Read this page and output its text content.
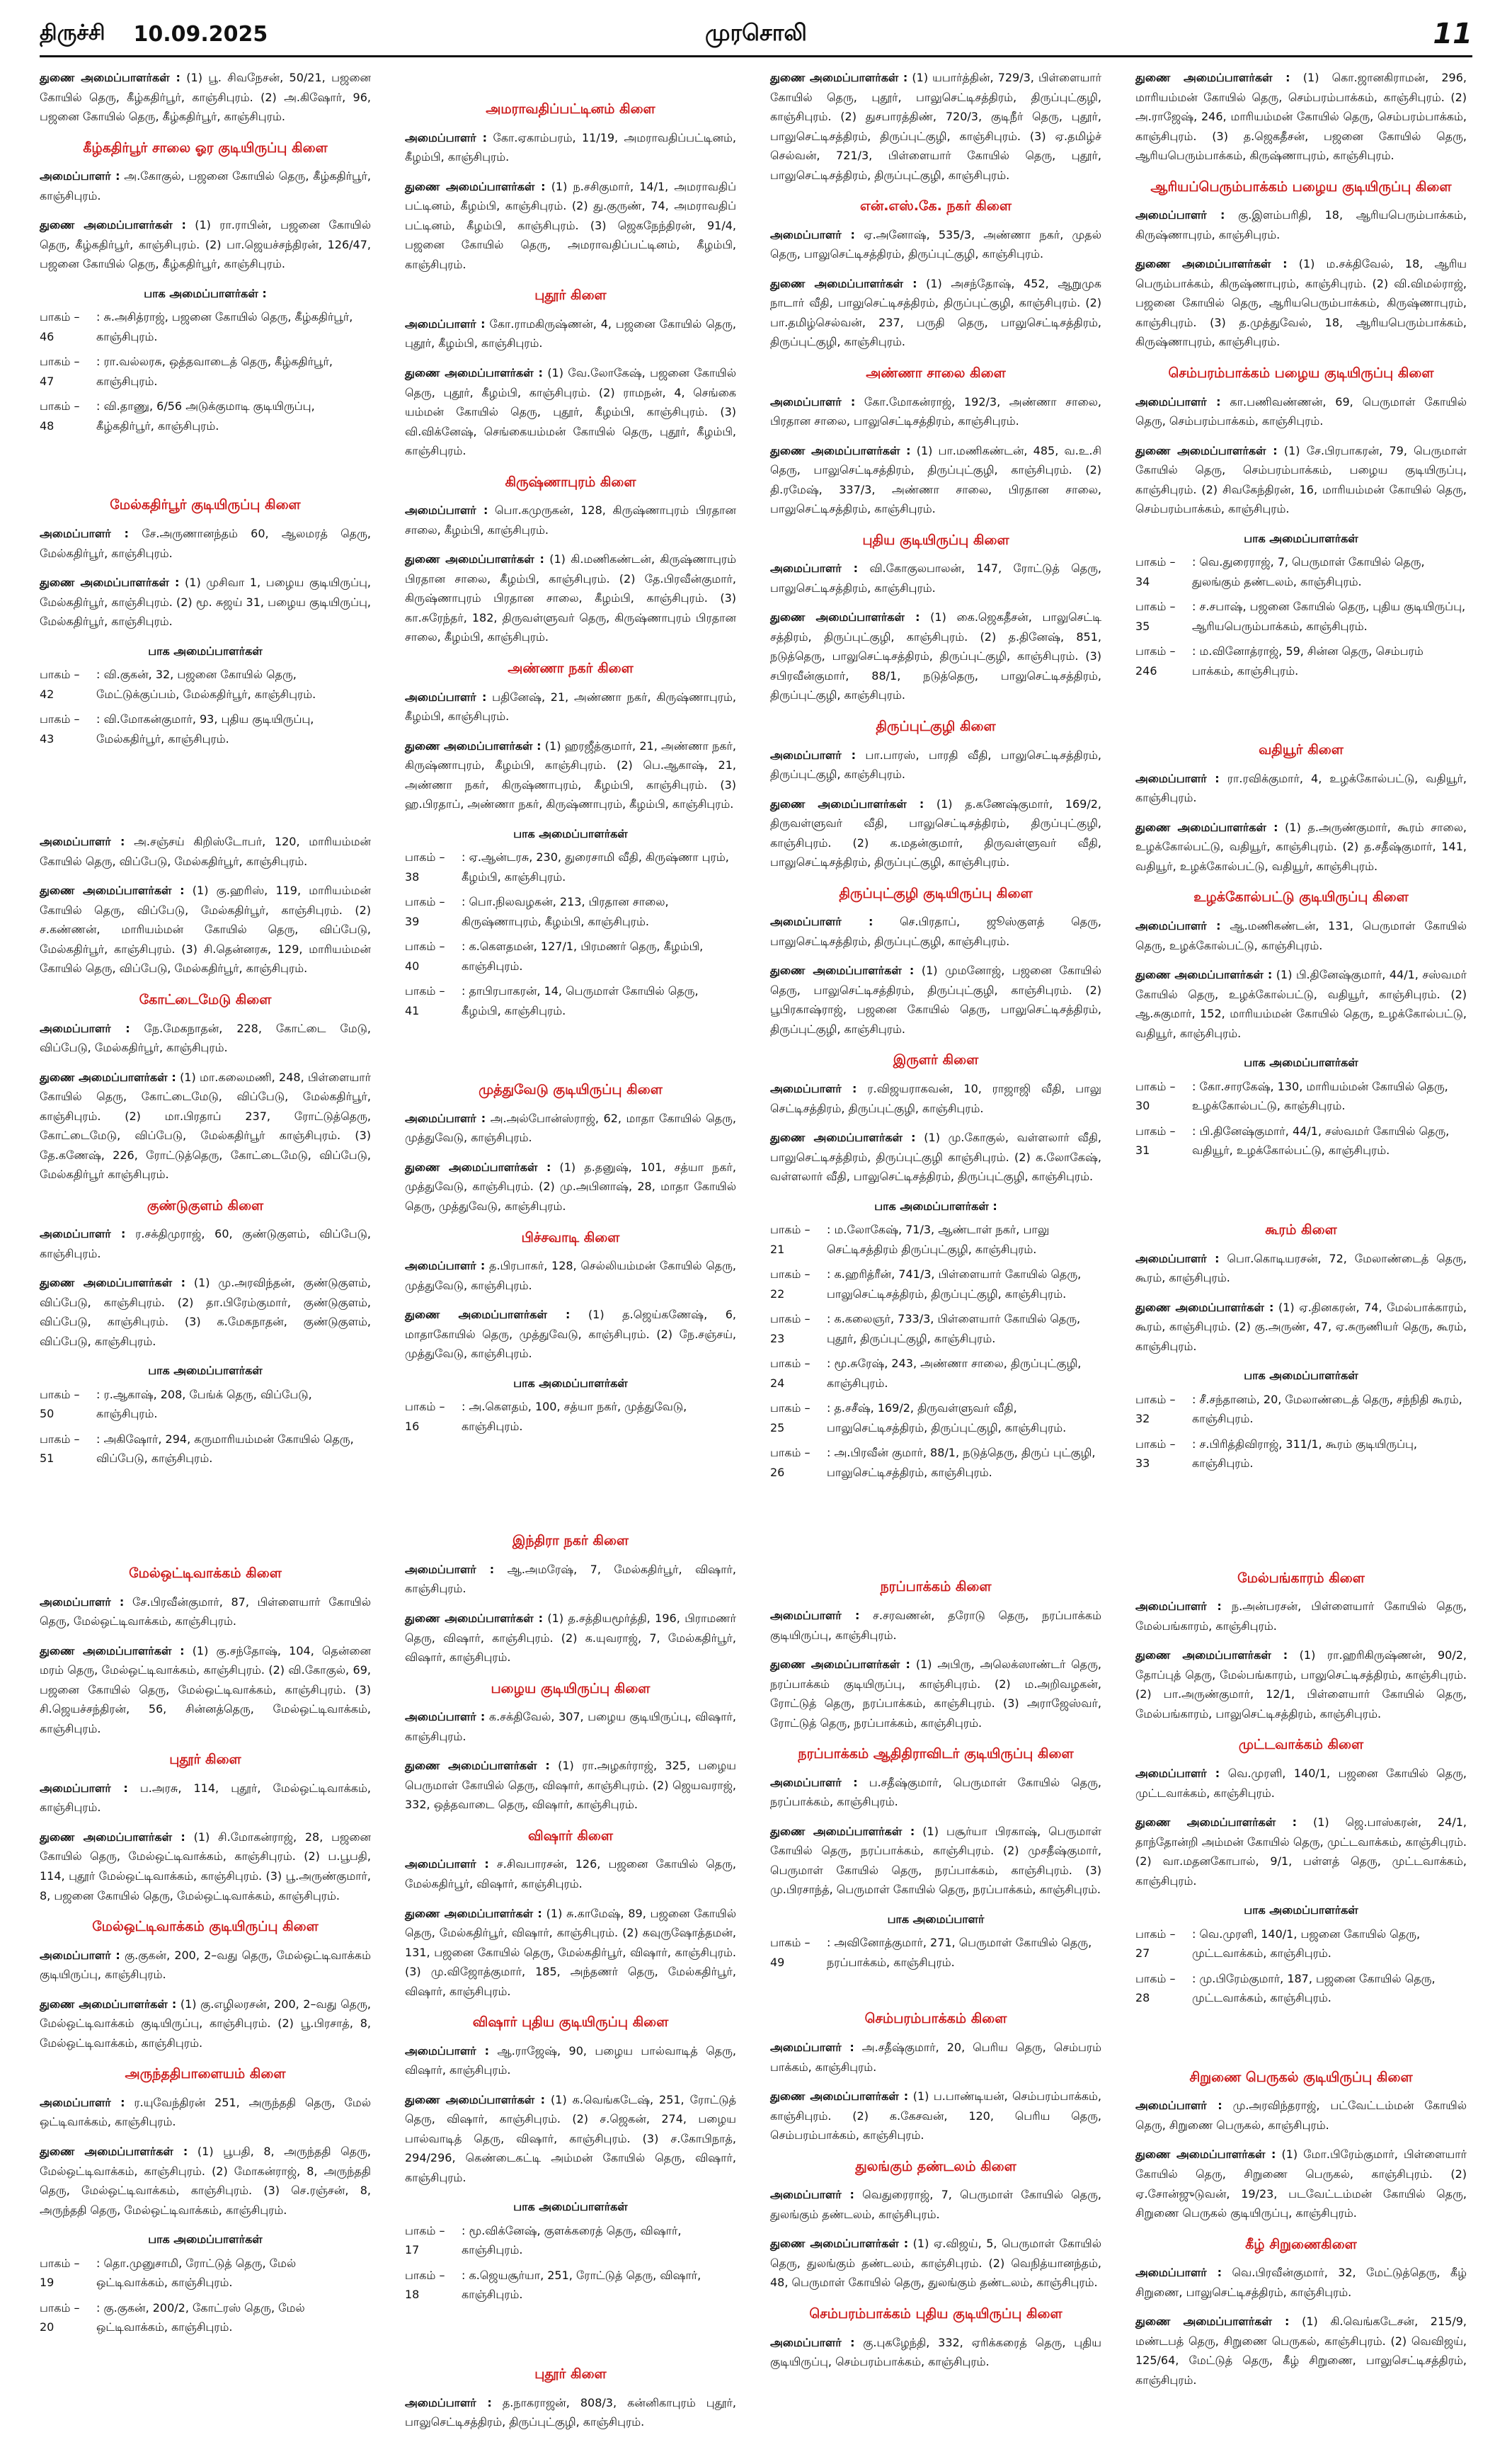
திருச்சி 10.09.2025	முரசொலி	11

துணை அமைப்பாளர்கள் : (1) பூ. சிவநேசன், 50/21, பஜனை கோயில் தெரு, கீழ்கதிர்பூர், காஞ்சிபுரம். (2) அ.கிஷோர், 96, பஜனை கோயில் தெரு, கீழ்கதிர்பூர், காஞ்சிபுரம்.

கீழ்கதிர்பூர் சாலை ஓர குடியிருப்பு கிளை

அமைப்பாளர் : அ.கோகுல், பஜனை கோயில் தெரு, கீழ்கதிர்பூர், காஞ்சிபுரம்.

துணை அமைப்பாளர்கள் : (1) ரா.ராபின், பஜனை கோயில் தெரு, கீழ்கதிர்பூர், காஞ்சிபுரம். (2) பா.ஜெயச்சந்திரன், 126/47, பஜனை கோயில் தெரு, கீழ்கதிர்பூர், காஞ்சிபுரம்.

பாக அமைப்பாளர்கள் :
பாகம் – 46
: சு.அசித்ராஜ், பஜனை கோயில் தெரு, கீழ்கதிர்பூர், காஞ்சிபுரம்.
பாகம் – 47
: ரா.வல்லரசு, ஒத்தவாடைத் தெரு, கீழ்கதிர்பூர், காஞ்சிபுரம்.
பாகம் – 48
: வி.தாணு, 6/56 அடுக்குமாடி குடியிருப்பு, கீழ்கதிர்பூர், காஞ்சிபுரம்.
மேல்கதிர்பூர் குடியிருப்பு கிளை

அமைப்பாளர் : சே.அருணானந்தம் 60, ஆலமரத் தெரு, மேல்கதிர்பூர், காஞ்சிபுரம்.

துணை அமைப்பாளர்கள் : (1) முசிவா 1, பழைய குடியிருப்பு, மேல்கதிர்பூர், காஞ்சிபுரம். (2) மூ. சுஜய் 31, பழைய குடியிருப்பு, மேல்கதிர்பூர், காஞ்சிபுரம்.

பாக அமைப்பாளர்கள்
பாகம் – 42
: வி.குகன், 32, பஜனை கோயில் தெரு, மேட்டுக்குப்பம், மேல்கதிர்பூர், காஞ்சிபுரம்.
பாகம் – 43
: வி.மோகன்குமார், 93, புதிய குடியிருப்பு, மேல்கதிர்பூர், காஞ்சிபுரம்.

அமைப்பாளர் : அ.சஞ்சய் கிறிஸ்டோபர், 120, மாரியம்மன் கோயில் தெரு, விப்பேடு, மேல்கதிர்பூர், காஞ்சிபுரம்.

துணை அமைப்பாளர்கள் : (1) கு.ஹரிஸ், 119, மாரியம்மன் கோயில் தெரு, விப்பேடு, மேல்கதிர்பூர், காஞ்சிபுரம். (2) ச.கண்ணன், மாரியம்மன் கோயில் தெரு, விப்பேடு, மேல்கதிர்பூர், காஞ்சிபுரம். (3) சி.தென்னரசு, 129, மாரியம்மன் கோயில் தெரு, விப்பேடு, மேல்கதிர்பூர், காஞ்சிபுரம்.

கோட்டைமேடு கிளை

அமைப்பாளர் : நே.மேகநாதன், 228, கோட்டை மேடு, விப்பேடு, மேல்கதிர்பூர், காஞ்சிபுரம்.

துணை அமைப்பாளர்கள் : (1) மா.கலைமணி, 248, பிள்ளையார் கோயில் தெரு, கோட்டைமேடு, விப்பேடு, மேல்கதிர்பூர், காஞ்சிபுரம். (2) மா.பிரதாப் 237, ரோட்டுத்தெரு, கோட்டைமேடு, விப்பேடு, மேல்கதிர்பூர் காஞ்சிபுரம். (3) தே.கணேஷ், 226, ரோட்டுத்தெரு, கோட்டைமேடு, விப்பேடு, மேல்கதிர்பூர் காஞ்சிபுரம்.

குண்டுகுளம் கிளை

அமைப்பாளர் : ர.சக்திமுராஜ், 60, குண்டுகுளம், விப்பேடு, காஞ்சிபுரம்.

துணை அமைப்பாளர்கள் : (1) மு.அரவிந்தன், குண்டுகுளம், விப்பேடு, காஞ்சிபுரம். (2) தா.பிரேம்குமார், குண்டுகுளம், விப்பேடு, காஞ்சிபுரம். (3) க.மேகநாதன், குண்டுகுளம், விப்பேடு, காஞ்சிபுரம்.

பாக அமைப்பாளர்கள்
பாகம் – 50
: ர.ஆகாஷ், 208, பேங்க் தெரு, விப்பேடு, காஞ்சிபுரம்.
பாகம் – 51
: அகிஷோர், 294, கருமாரியம்மன் கோயில் தெரு, விப்பேடு, காஞ்சிபுரம்.
மேல்ஒட்டிவாக்கம் கிளை

அமைப்பாளர் : சே.பிரவீன்குமார், 87, பிள்ளையார் கோயில் தெரு, மேல்ஒட்டிவாக்கம், காஞ்சிபுரம்.

துணை அமைப்பாளர்கள் : (1) கு.சந்தோஷ், 104, தென்னை மரம் தெரு, மேல்ஒட்டிவாக்கம், காஞ்சிபுரம். (2) வி.கோகுல், 69, பஜனை கோயில் தெரு, மேல்ஒட்டிவாக்கம், காஞ்சிபுரம். (3) சி.ஜெயச்சந்திரன், 56, சின்னத்தெரு, மேல்ஒட்டிவாக்கம், காஞ்சிபுரம்.

புதூர் கிளை

அமைப்பாளர் : ப.அரசு, 114, புதூர், மேல்ஒட்டிவாக்கம், காஞ்சிபுரம்.

துணை அமைப்பாளர்கள் : (1) சி.மோகன்ராஜ், 28, பஜனை கோயில் தெரு, மேல்ஒட்டிவாக்கம், காஞ்சிபுரம். (2) ப.பூபதி, 114, புதூர் மேல்ஒட்டிவாக்கம், காஞ்சிபுரம். (3) பூ.அருண்குமார், 8, பஜனை கோயில் தெரு, மேல்ஒட்டிவாக்கம், காஞ்சிபுரம்.

மேல்ஒட்டிவாக்கம் குடியிருப்பு கிளை

அமைப்பாளர் : கு.குகன், 200, 2–வது தெரு, மேல்ஒட்டிவாக்கம் குடியிருப்பு, காஞ்சிபுரம்.

துணை அமைப்பாளர்கள் : (1) கு.எழிலரசன், 200, 2–வது தெரு, மேல்ஒட்டிவாக்கம் குடியிருப்பு, காஞ்சிபுரம். (2) பூ.பிரசாத், 8, மேல்ஒட்டிவாக்கம், காஞ்சிபுரம்.

அருந்ததிபாளையம் கிளை

அமைப்பாளர் : ர.யுவேந்திரன் 251, அருந்ததி தெரு, மேல் ஒட்டிவாக்கம், காஞ்சிபுரம்.

துணை அமைப்பாளர்கள் : (1) பூபதி, 8, அருந்ததி தெரு, மேல்ஒட்டிவாக்கம், காஞ்சிபுரம். (2) மோகன்ராஜ், 8, அருந்ததி தெரு, மேல்ஒட்டிவாக்கம், காஞ்சிபுரம். (3) செ.ரஞ்சன், 8, அருந்ததி தெரு, மேல்ஒட்டிவாக்கம், காஞ்சிபுரம்.

பாக அமைப்பாளர்கள்
பாகம் – 19
: தொ.முனுசாமி, ரோட்டுத் தெரு, மேல் ஒட்டிவாக்கம், காஞ்சிபுரம்.
பாகம் – 20
: கு.குகன், 200/2, கோட்ரஸ் தெரு, மேல் ஒட்டிவாக்கம், காஞ்சிபுரம்.
அமராவதிப்பட்டினம் கிளை

அமைப்பாளர் : கோ.ஏகாம்பரம், 11/19, அமராவதிப்பட்டினம், கீழம்பி, காஞ்சிபுரம்.

துணை அமைப்பாளர்கள் : (1) ந.சசிகுமார், 14/1, அமராவதிப் பட்டினம், கீழம்பி, காஞ்சிபுரம். (2) து.குருண், 74, அமராவதிப் பட்டினம், கீழம்பி, காஞ்சிபுரம். (3) ஜெகநேந்திரன், 91/4, பஜனை கோயில் தெரு, அமராவதிப்பட்டினம், கீழம்பி, காஞ்சிபுரம்.

புதூர் கிளை

அமைப்பாளர் : கோ.ராமகிருஷ்ணன், 4, பஜனை கோயில் தெரு, புதூர், கீழம்பி, காஞ்சிபுரம்.

துணை அமைப்பாளர்கள் : (1) வே.லோகேஷ், பஜனை கோயில் தெரு, புதூர், கீழம்பி, காஞ்சிபுரம். (2) ராமநன், 4, செங்கை யம்மன் கோயில் தெரு, புதூர், கீழம்பி, காஞ்சிபுரம். (3) வி.விக்னேஷ், செங்கையம்மன் கோயில் தெரு, புதூர், கீழம்பி, காஞ்சிபுரம்.

கிருஷ்ணாபுரம் கிளை

அமைப்பாளர் : பொ.கமுருகன், 128, கிருஷ்ணாபுரம் பிரதான சாலை, கீழம்பி, காஞ்சிபுரம்.

துணை அமைப்பாளர்கள் : (1) கி.மணிகண்டன், கிருஷ்ணாபுரம் பிரதான சாலை, கீழம்பி, காஞ்சிபுரம். (2) தே.பிரவீன்குமார், கிருஷ்ணாபுரம் பிரதான சாலை, கீழம்பி, காஞ்சிபுரம். (3) கா.சுரேந்தர், 182, திருவள்ளுவர் தெரு, கிருஷ்ணாபுரம் பிரதான சாலை, கீழம்பி, காஞ்சிபுரம்.

அண்ணா நகர் கிளை

அமைப்பாளர் : பதினேஷ், 21, அண்ணா நகர், கிருஷ்ணாபுரம், கீழம்பி, காஞ்சிபுரம்.

துணை அமைப்பாளர்கள் : (1) ஹரஜீத்குமார், 21, அண்ணா நகர், கிருஷ்ணாபுரம், கீழம்பி, காஞ்சிபுரம். (2) பெ.ஆகாஷ், 21, அண்ணா நகர், கிருஷ்ணாபுரம், கீழம்பி, காஞ்சிபுரம். (3) ஹ.பிரதாப், அண்ணா நகர், கிருஷ்ணாபுரம், கீழம்பி, காஞ்சிபுரம்.

பாக அமைப்பாளர்கள்
பாகம் – 38
: ஏ.ஆன்டரசு, 230, துரைசாமி வீதி, கிருஷ்ணா புரம், கீழம்பி, காஞ்சிபுரம்.
பாகம் – 39
: பொ.நிலவழகன், 213, பிரதான சாலை, கிருஷ்ணாபுரம், கீழம்பி, காஞ்சிபுரம்.
பாகம் – 40
: க.கௌதமன், 127/1, பிரமணர் தெரு, கீழம்பி, காஞ்சிபுரம்.
பாகம் – 41
: தாபிரபாகரன், 14, பெருமாள் கோயில் தெரு, கீழம்பி, காஞ்சிபுரம்.
முத்துவேடு குடியிருப்பு கிளை

அமைப்பாளர் : அ.அல்போன்ஸ்ராஜ், 62, மாதா கோயில் தெரு, முத்துவேடு, காஞ்சிபுரம்.

துணை அமைப்பாளர்கள் : (1) த.தனுஷ், 101, சத்யா நகர், முத்துவேடு, காஞ்சிபுரம். (2) மு.அபினாஷ், 28, மாதா கோயில் தெரு, முத்துவேடு, காஞ்சிபுரம்.

பிச்சவாடி கிளை

அமைப்பாளர் : த.பிரபாகர், 128, செல்லியம்மன் கோயில் தெரு, முத்துவேடு, காஞ்சிபுரம்.

துணை அமைப்பாளர்கள் : (1) த.ஜெய்கணேஷ், 6, மாதாகோயில் தெரு, முத்துவேடு, காஞ்சிபுரம். (2) நே.சஞ்சய், முத்துவேடு, காஞ்சிபுரம்.

பாக அமைப்பாளர்கள்
பாகம் – 16
: அ.கௌதம், 100, சத்யா நகர், முத்துவேடு, காஞ்சிபுரம்.
இந்திரா நகர் கிளை

அமைப்பாளர் : ஆ.அமரேஷ், 7, மேல்கதிர்பூர், விஷார், காஞ்சிபுரம்.

துணை அமைப்பாளர்கள் : (1) த.சத்தியமூர்த்தி, 196, பிராமணர் தெரு, விஷார், காஞ்சிபுரம். (2) க.யுவராஜ், 7, மேல்கதிர்பூர், விஷார், காஞ்சிபுரம்.

பழைய குடியிருப்பு கிளை

அமைப்பாளர் : க.சக்திவேல், 307, பழைய குடியிருப்பு, விஷார், காஞ்சிபுரம்.

துணை அமைப்பாளர்கள் : (1) ரா.அழகர்ராஜ், 325, பழைய பெருமாள் கோயில் தெரு, விஷார், காஞ்சிபுரம். (2) ஜெயவராஜ், 332, ஒத்தவாடை தெரு, விஷார், காஞ்சிபுரம்.

விஷார் கிளை

அமைப்பாளர் : ச.சிவபாரசன், 126, பஜனை கோயில் தெரு, மேல்கதிர்பூர், விஷார், காஞ்சிபுரம்.

துணை அமைப்பாளர்கள் : (1) சு.காமேஷ், 89, பஜனை கோயில் தெரு, மேல்கதிர்பூர், விஷார், காஞ்சிபுரம். (2) கவுருஷோத்தமன், 131, பஜனை கோயில் தெரு, மேல்கதிர்பூர், விஷார், காஞ்சிபுரம். (3) மு.விஜோத்குமார், 185, அந்தணர் தெரு, மேல்கதிர்பூர், விஷார், காஞ்சிபுரம்.

விஷார் புதிய குடியிருப்பு கிளை

அமைப்பாளர் : ஆ.ராஜேஷ், 90, பழைய பால்வாடித் தெரு, விஷார், காஞ்சிபுரம்.

துணை அமைப்பாளர்கள் : (1) க.வெங்கடேஷ், 251, ரோட்டுத் தெரு, விஷார், காஞ்சிபுரம். (2) ச.ஜெகன், 274, பழைய பால்வாடித் தெரு, விஷார், காஞ்சிபுரம். (3) ச.கோபிநாத், 294/296, கெண்டைகட்டி அம்மன் கோயில் தெரு, விஷார், காஞ்சிபுரம்.

பாக அமைப்பாளர்கள்
பாகம் – 17
: மூ.விக்னேஷ், குளக்கரைத் தெரு, விஷார், காஞ்சிபுரம்.
பாகம் – 18
: க.ஜெயசூர்யா, 251, ரோட்டுத் தெரு, விஷார், காஞ்சிபுரம்.
புதூர் கிளை

அமைப்பாளர் : த.நாகராஜன், 808/3, கன்னிகாபுரம் புதூர், பாலுசெட்டிசத்திரம், திருப்புட்குழி, காஞ்சிபுரம்.

துணை அமைப்பாளர்கள் : (1) யபார்த்தின், 729/3, பிள்ளையார் கோயில் தெரு, புதூர், பாலுசெட்டிசத்திரம், திருப்புட்குழி, காஞ்சிபுரம். (2) துசபாரத்திண், 720/3, குடிநீர் தெரு, புதூர், பாலுசெட்டிசத்திரம், திருப்புட்குழி, காஞ்சிபுரம். (3) ஏ.தமிழ்ச் செல்வன், 721/3, பிள்ளையார் கோயில் தெரு, புதூர், பாலுசெட்டிசத்திரம், திருப்புட்குழி, காஞ்சிபுரம்.

என்.எஸ்.கே. நகர் கிளை

அமைப்பாளர் : ஏ.அனோஷ், 535/3, அண்ணா நகர், முதல் தெரு, பாலுசெட்டிசத்திரம், திருப்புட்குழி, காஞ்சிபுரம்.

துணை அமைப்பாளர்கள் : (1) அசந்தோஷ், 452, ஆறுமுக நாடார் வீதி, பாலுசெட்டிசத்திரம், திருப்புட்குழி, காஞ்சிபுரம். (2) பா.தமிழ்செல்வன், 237, பருதி தெரு, பாலுசெட்டிசத்திரம், திருப்புட்குழி, காஞ்சிபுரம்.

அண்ணா சாலை கிளை

அமைப்பாளர் : கோ.மோகன்ராஜ், 192/3, அண்ணா சாலை, பிரதான சாலை, பாலுசெட்டிசத்திரம், காஞ்சிபுரம்.

துணை அமைப்பாளர்கள் : (1) பா.மணிகண்டன், 485, வ.உ.சி தெரு, பாலுசெட்டிசத்திரம், திருப்புட்குழி, காஞ்சிபுரம். (2) தி.ரமேஷ், 337/3, அண்ணா சாலை, பிரதான சாலை, பாலுசெட்டிசத்திரம், காஞ்சிபுரம்.

புதிய குடியிருப்பு கிளை

அமைப்பாளர் : வி.கோகுலபாலன், 147, ரோட்டுத் தெரு, பாலுசெட்டிசத்திரம், காஞ்சிபுரம்.

துணை அமைப்பாளர்கள் : (1) கை.ஜெகதீசன், பாலுசெட்டி சத்திரம், திருப்புட்குழி, காஞ்சிபுரம். (2) த.தினேஷ், 851, நடுத்தெரு, பாலுசெட்டிசத்திரம், திருப்புட்குழி, காஞ்சிபுரம். (3) சபிரவீன்குமார், 88/1, நடுத்தெரு, பாலுசெட்டிசத்திரம், திருப்புட்குழி, காஞ்சிபுரம்.

திருப்புட்குழி கிளை

அமைப்பாளர் : பா.பாரஸ், பாரதி வீதி, பாலுசெட்டிசத்திரம், திருப்புட்குழி, காஞ்சிபுரம்.

துணை அமைப்பாளர்கள் : (1) த.கணேஷ்குமார், 169/2, திருவள்ளுவர் வீதி, பாலுசெட்டிசத்திரம், திருப்புட்குழி, காஞ்சிபுரம். (2) க.மதன்குமார், திருவள்ளுவர் வீதி, பாலுசெட்டிசத்திரம், திருப்புட்குழி, காஞ்சிபுரம்.

திருப்புட்குழி குடியிருப்பு கிளை

அமைப்பாளர் : செ.பிரதாப், ஜூஸ்குளத் தெரு, பாலுசெட்டிசத்திரம், திருப்புட்குழி, காஞ்சிபுரம்.

துணை அமைப்பாளர்கள் : (1) முமனோஜ், பஜனை கோயில் தெரு, பாலுசெட்டிசத்திரம், திருப்புட்குழி, காஞ்சிபுரம். (2) பூபிரகாஷ்ராஜ், பஜனை கோயில் தெரு, பாலுசெட்டிசத்திரம், திருப்புட்குழி, காஞ்சிபுரம்.

இருளர் கிளை

அமைப்பாளர் : ர.விஜயராகவன், 10, ராஜாஜி வீதி, பாலு செட்டிசத்திரம், திருப்புட்குழி, காஞ்சிபுரம்.

துணை அமைப்பாளர்கள் : (1) மு.கோகுல், வள்ளலார் வீதி, பாலுசெட்டிசத்திரம், திருப்புட்குழி காஞ்சிபுரம். (2) க.லோகேஷ், வள்ளலார் வீதி, பாலுசெட்டிசத்திரம், திருப்புட்குழி, காஞ்சிபுரம்.

பாக அமைப்பாளர்கள் :
பாகம் – 21
: ம.லோகேஷ், 71/3, ஆண்டாள் நகர், பாலு செட்டிசத்திரம் திருப்புட்குழி, காஞ்சிபுரம்.
பாகம் – 22
: க.ஹரித்ரீன், 741/3, பிள்ளையார் கோயில் தெரு, பாலுசெட்டிசத்திரம், திருப்புட்குழி, காஞ்சிபுரம்.
பாகம் – 23
: க.கலைஞர், 733/3, பிள்ளையார் கோயில் தெரு, புதூர், திருப்புட்குழி, காஞ்சிபுரம்.
பாகம் – 24
: மூ.சுரேஷ், 243, அண்ணா சாலை, திருப்புட்குழி, காஞ்சிபுரம்.
பாகம் – 25
: த.சசீஷ், 169/2, திருவள்ளுவர் வீதி, பாலுசெட்டிசத்திரம், திருப்புட்குழி, காஞ்சிபுரம்.
பாகம் – 26
: அ.பிரவீன் குமார், 88/1, நடுத்தெரு, திருப் புட்குழி, பாலுசெட்டிசத்திரம், காஞ்சிபுரம்.
நரப்பாக்கம் கிளை

அமைப்பாளர் : ச.சரவணன், தரோடு தெரு, நரப்பாக்கம் குடியிருப்பு, காஞ்சிபுரம்.

துணை அமைப்பாளர்கள் : (1) அபிரு, அலெக்ஸாண்டர் தெரு, நரப்பாக்கம் குடியிருப்பு, காஞ்சிபுரம். (2) ம.அறிவழகன், ரோட்டுத் தெரு, நரப்பாக்கம், காஞ்சிபுரம். (3) அராஜேஸ்வர், ரோட்டுத் தெரு, நரப்பாக்கம், காஞ்சிபுரம்.

நரப்பாக்கம் ஆதிதிராவிடர் குடியிருப்பு கிளை

அமைப்பாளர் : ப.சதீஷ்குமார், பெருமாள் கோயில் தெரு, நரப்பாக்கம், காஞ்சிபுரம்.

துணை அமைப்பாளர்கள் : (1) பசூர்யா பிரகாஷ், பெருமாள் கோயில் தெரு, நரப்பாக்கம், காஞ்சிபுரம். (2) முசதீஷ்குமார், பெருமாள் கோயில் தெரு, நரப்பாக்கம், காஞ்சிபுரம். (3) மு.பிரசாந்த், பெருமாள் கோயில் தெரு, நரப்பாக்கம், காஞ்சிபுரம்.

பாக அமைப்பாளர்
பாகம் – 49
: அவினோத்குமார், 271, பெருமாள் கோயில் தெரு, நரப்பாக்கம், காஞ்சிபுரம்.
செம்பரம்பாக்கம் கிளை

அமைப்பாளர் : அ.சதீஷ்குமார், 20, பெரிய தெரு, செம்பரம் பாக்கம், காஞ்சிபுரம்.

துணை அமைப்பாளர்கள் : (1) ப.பாண்டியன், செம்பரம்பாக்கம், காஞ்சிபுரம். (2) க.கேசவன், 120, பெரிய தெரு, செம்பரம்பாக்கம், காஞ்சிபுரம்.

துலங்கும் தண்டலம் கிளை

அமைப்பாளர் : வெதுரைராஜ், 7, பெருமாள் கோயில் தெரு, துலங்கும் தண்டலம், காஞ்சிபுரம்.

துணை அமைப்பாளர்கள் : (1) ஏ.விஜய், 5, பெருமாள் கோயில் தெரு, துலங்கும் தண்டலம், காஞ்சிபுரம். (2) வெநித்யானந்தம், 48, பெருமாள் கோயில் தெரு, துலங்கும் தண்டலம், காஞ்சிபுரம்.

செம்பரம்பாக்கம் புதிய குடியிருப்பு கிளை

அமைப்பாளர் : கு.புகழேந்தி, 332, ஏரிக்கரைத் தெரு, புதிய குடியிருப்பு, செம்பரம்பாக்கம், காஞ்சிபுரம்.

துணை அமைப்பாளர்கள் : (1) கொ.ஜானகிராமன், 296, மாரியம்மன் கோயில் தெரு, செம்பரம்பாக்கம், காஞ்சிபுரம். (2) அ.ராஜேஷ், 246, மாரியம்மன் கோயில் தெரு, செம்பரம்பாக்கம், காஞ்சிபுரம். (3) த.ஜெகதீசன், பஜனை கோயில் தெரு, ஆரியபெரும்பாக்கம், கிருஷ்ணாபுரம், காஞ்சிபுரம்.

ஆரியப்பெரும்பாக்கம் பழைய குடியிருப்பு கிளை

அமைப்பாளர் : கு.இளம்பரிதி, 18, ஆரியபெரும்பாக்கம், கிருஷ்ணாபுரம், காஞ்சிபுரம்.

துணை அமைப்பாளர்கள் : (1) ம.சக்திவேல், 18, ஆரிய பெரும்பாக்கம், கிருஷ்ணாபுரம், காஞ்சிபுரம். (2) வி.விமல்ராஜ், பஜனை கோயில் தெரு, ஆரியபெரும்பாக்கம், கிருஷ்ணாபுரம், காஞ்சிபுரம். (3) த.முத்துவேல், 18, ஆரியபெரும்பாக்கம், கிருஷ்ணாபுரம், காஞ்சிபுரம்.

செம்பரம்பாக்கம் பழைய குடியிருப்பு கிளை

அமைப்பாளர் : கா.பணிவண்ணன், 69, பெருமாள் கோயில் தெரு, செம்பரம்பாக்கம், காஞ்சிபுரம்.

துணை அமைப்பாளர்கள் : (1) சே.பிரபாகரன், 79, பெருமாள் கோயில் தெரு, செம்பரம்பாக்கம், பழைய குடியிருப்பு, காஞ்சிபுரம். (2) சிவகேந்திரன், 16, மாரியம்மன் கோயில் தெரு, செம்பரம்பாக்கம், காஞ்சிபுரம்.

பாக அமைப்பாளர்கள்
பாகம் – 34
: வெ.துரைராஜ், 7, பெருமாள் கோயில் தெரு, துலங்கும் தண்டலம், காஞ்சிபுரம்.
பாகம் – 35
: ச.சபாஷ், பஜனை கோயில் தெரு, புதிய குடியிருப்பு, ஆரியபெரும்பாக்கம், காஞ்சிபுரம்.
பாகம் – 246
: ம.வினோத்ராஜ், 59, சின்ன தெரு, செம்பரம் பாக்கம், காஞ்சிபுரம்.
வதியூர் கிளை

அமைப்பாளர் : ரா.ரவிக்குமார், 4, உழக்கோல்பட்டு, வதியூர், காஞ்சிபுரம்.

துணை அமைப்பாளர்கள் : (1) த.அருண்குமார், கூரம் சாலை, உழக்கோல்பட்டு, வதியூர், காஞ்சிபுரம். (2) த.சதீஷ்குமார், 141, வதியூர், உழக்கோல்பட்டு, வதியூர், காஞ்சிபுரம்.

உழக்கோல்பட்டு குடியிருப்பு கிளை

அமைப்பாளர் : ஆ.மணிகண்டன், 131, பெருமாள் கோயில் தெரு, உழக்கோல்பட்டு, காஞ்சிபுரம்.

துணை அமைப்பாளர்கள் : (1) பி.தினேஷ்குமார், 44/1, சஸ்வமர் கோயில் தெரு, உழக்கோல்பட்டு, வதியூர், காஞ்சிபுரம். (2) ஆ.சுகுமார், 152, மாரியம்மன் கோயில் தெரு, உழக்கோல்பட்டு, வதியூர், காஞ்சிபுரம்.

பாக அமைப்பாளர்கள்
பாகம் – 30
: கோ.சாரகேஷ், 130, மாரியம்மன் கோயில் தெரு, உழக்கோல்பட்டு, காஞ்சிபுரம்.
பாகம் – 31
: பி.தினேஷ்குமார், 44/1, சஸ்வமர் கோயில் தெரு, வதியூர், உழக்கோல்பட்டு, காஞ்சிபுரம்.
கூரம் கிளை

அமைப்பாளர் : பொ.கொடியரசன், 72, மேலாண்டைத் தெரு, கூரம், காஞ்சிபுரம்.

துணை அமைப்பாளர்கள் : (1) ஏ.தினகரன், 74, மேல்பாக்காரம், கூரம், காஞ்சிபுரம். (2) கு.அருண், 47, ஏ.சுருணியர் தெரு, கூரம், காஞ்சிபுரம்.

பாக அமைப்பாளர்கள்
பாகம் – 32
: சீ.சந்தானம், 20, மேலாண்டைத் தெரு, சந்நிதி கூரம், காஞ்சிபுரம்.
பாகம் – 33
: ச.பிரித்திவிராஜ், 311/1, கூரம் குடியிருப்பு, காஞ்சிபுரம்.
மேல்பங்காரம் கிளை

அமைப்பாளர் : ந.அன்பரசன், பிள்ளையார் கோயில் தெரு, மேல்பங்காரம், காஞ்சிபுரம்.

துணை அமைப்பாளர்கள் : (1) ரா.ஹரிகிருஷ்ணன், 90/2, தோப்புத் தெரு, மேல்பங்காரம், பாலுசெட்டிசத்திரம், காஞ்சிபுரம். (2) பா.அருண்குமார், 12/1, பிள்ளையார் கோயில் தெரு, மேல்பங்காரம், பாலுசெட்டிசத்திரம், காஞ்சிபுரம்.

முட்டவாக்கம் கிளை

அமைப்பாளர் : வெ.முரளி, 140/1, பஜனை கோயில் தெரு, முட்டவாக்கம், காஞ்சிபுரம்.

துணை அமைப்பாளர்கள் : (1) ஜெ.பாஸ்கரன், 24/1, தாந்தோன்றி அம்மன் கோயில் தெரு, முட்டவாக்கம், காஞ்சிபுரம். (2) வா.மதனகோபால், 9/1, பள்ளத் தெரு, முட்டவாக்கம், காஞ்சிபுரம்.

பாக அமைப்பாளர்கள்
பாகம் – 27
: வெ.முரளி, 140/1, பஜனை கோயில் தெரு, முட்டவாக்கம், காஞ்சிபுரம்.
பாகம் – 28
: மு.பிரேம்குமார், 187, பஜனை கோயில் தெரு, முட்டவாக்கம், காஞ்சிபுரம்.
சிறுணை பெருகல் குடியிருப்பு கிளை

அமைப்பாளர் : மு.அரவிந்தராஜ், பட்வேட்டம்மன் கோயில் தெரு, சிறுணை பெருகல், காஞ்சிபுரம்.

துணை அமைப்பாளர்கள் : (1) மோ.பிரேம்குமார், பிள்ளையார் கோயில் தெரு, சிறுணை பெருகல், காஞ்சிபுரம். (2) ஏ.சோன்ஜுடுவன், 19/23, படவேட்டம்மன் கோயில் தெரு, சிறுணை பெருகல் குடியிருப்பு, காஞ்சிபுரம்.

கீழ் சிறுணைகிளை

அமைப்பாளர் : வெ.பிரவீன்குமார், 32, மேட்டுத்தெரு, கீழ் சிறுணை, பாலுசெட்டிசத்திரம், காஞ்சிபுரம்.

துணை அமைப்பாளர்கள் : (1) கி.வெங்கடேசன், 215/9, மண்டபத் தெரு, சிறுணை பெருகல், காஞ்சிபுரம். (2) வெவிஜய், 125/64, மேட்டுத் தெரு, கீழ் சிறுணை, பாலுசெட்டிசத்திரம், காஞ்சிபுரம்.
